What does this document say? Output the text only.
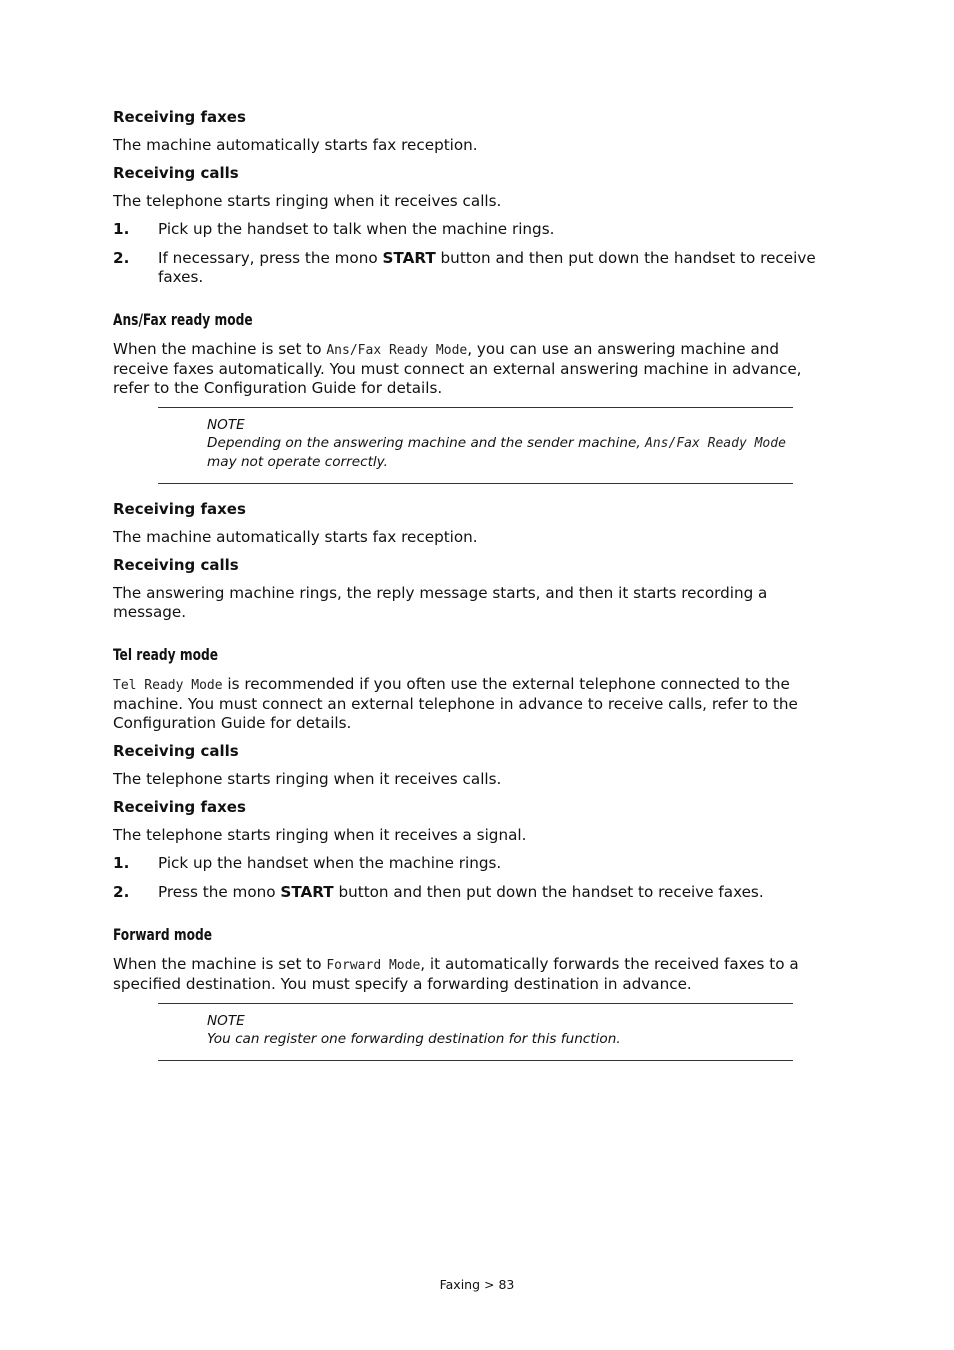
Receiving faxes
The machine automatically starts fax reception.
Receiving calls
The telephone starts ringing when it receives calls.
1. Pick up the handset to talk when the machine rings.
2. If necessary, press the mono START button and then put down the handset to receive faxes.
Ans/Fax ready mode
When the machine is set to Ans/Fax Ready Mode, you can use an answering machine and receive faxes automatically. You must connect an external answering machine in advance, refer to the Configuration Guide for details.
NOTE
Depending on the answering machine and the sender machine, Ans/Fax Ready Mode may not operate correctly.
Receiving faxes
The machine automatically starts fax reception.
Receiving calls
The answering machine rings, the reply message starts, and then it starts recording a message.
Tel ready mode
Tel Ready Mode is recommended if you often use the external telephone connected to the machine. You must connect an external telephone in advance to receive calls, refer to the Configuration Guide for details.
Receiving calls
The telephone starts ringing when it receives calls.
Receiving faxes
The telephone starts ringing when it receives a signal.
1. Pick up the handset when the machine rings.
2. Press the mono START button and then put down the handset to receive faxes.
Forward mode
When the machine is set to Forward Mode, it automatically forwards the received faxes to a specified destination. You must specify a forwarding destination in advance.
NOTE
You can register one forwarding destination for this function.
Faxing > 83
